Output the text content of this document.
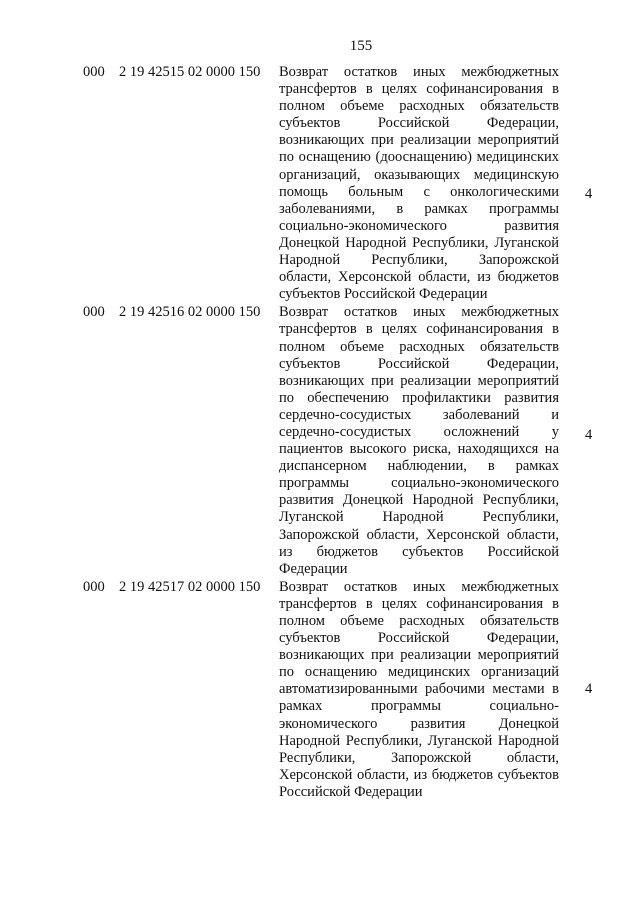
155
000 2 19 42515 02 0000 150 Возврат остатков иных межбюджетных трансфертов в целях софинансирования в полном объеме расходных обязательств субъектов Российской Федерации, возникающих при реализации мероприятий по оснащению (дооснащению) медицинских организаций, оказывающих медицинскую помощь больным с онкологическими заболеваниями, в рамках программы социально-экономического развития Донецкой Народной Республики, Луганской Народной Республики, Запорожской области, Херсонской области, из бюджетов субъектов Российской Федерации
4
000 2 19 42516 02 0000 150 Возврат остатков иных межбюджетных трансфертов в целях софинансирования в полном объеме расходных обязательств субъектов Российской Федерации, возникающих при реализации мероприятий по обеспечению профилактики развития сердечно-сосудистых заболеваний и сердечно-сосудистых осложнений у пациентов высокого риска, находящихся на диспансерном наблюдении, в рамках программы социально-экономического развития Донецкой Народной Республики, Луганской Народной Республики, Запорожской области, Херсонской области, из бюджетов субъектов Российской Федерации
4
000 2 19 42517 02 0000 150 Возврат остатков иных межбюджетных трансфертов в целях софинансирования в полном объеме расходных обязательств субъектов Российской Федерации, возникающих при реализации мероприятий по оснащению медицинских организаций автоматизированными рабочими местами в рамках программы социально-экономического развития Донецкой Народной Республики, Луганской Народной Республики, Запорожской области, Херсонской области, из бюджетов субъектов Российской Федерации
4
